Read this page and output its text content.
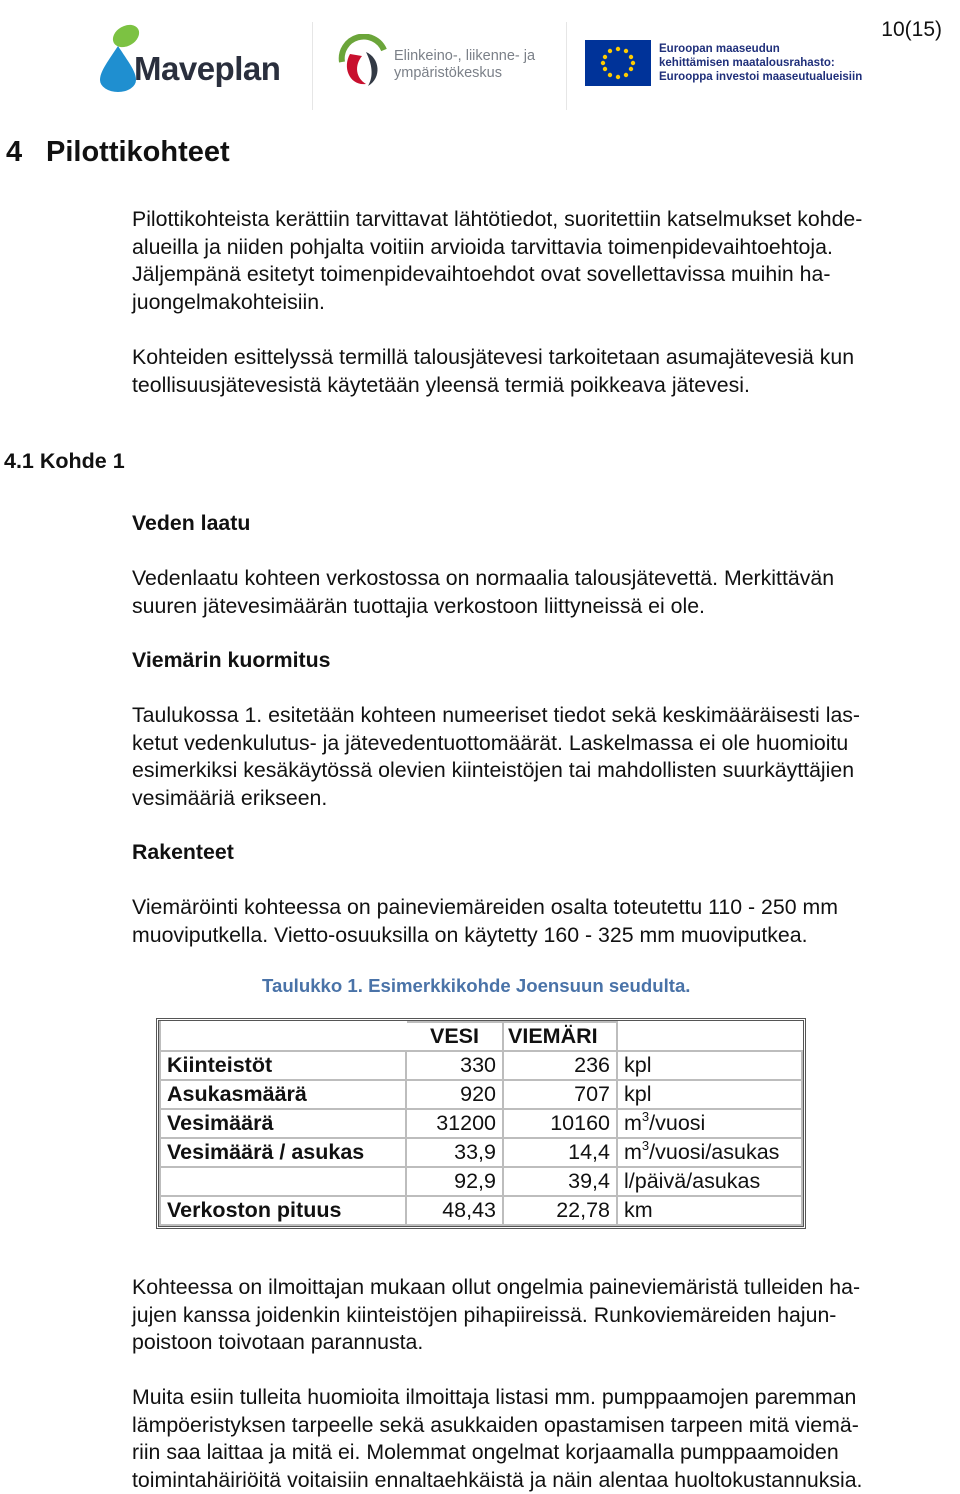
10(15)
Maveplan	Elinkeino-, liikenne- ja
ympäristökeskus
Euroopan maaseudun
kehittämisen maatalousrahasto:
Eurooppa investoi maaseutualueisiin
4 Pilottikohteet
Pilottikohteista kerättiin tarvittavat lähtötiedot, suoritettiin katselmukset kohde-
alueilla ja niiden pohjalta voitiin arvioida tarvittavia toimenpidevaihtoehtoja.
Jäljempänä esitetyt toimenpidevaihtoehdot ovat sovellettavissa muihin ha-
juongelmakohteisiin.
Kohteiden esittelyssä termillä talousjätevesi tarkoitetaan asumajätevesiä kun
teollisuusjätevesistä käytetään yleensä termiä poikkeava jätevesi.
4.1 Kohde 1
Veden laatu
Vedenlaatu kohteen verkostossa on normaalia talousjätevettä. Merkittävän
suuren jätevesimäärän tuottajia verkostoon liittyneissä ei ole.
Viemärin kuormitus
Taulukossa 1. esitetään kohteen numeeriset tiedot sekä keskimääräisesti las-
ketut vedenkulutus- ja jätevedentuottomäärät. Laskelmassa ei ole huomioitu
esimerkiksi kesäkäytössä olevien kiinteistöjen tai mahdollisten suurkäyttäjien
vesimääriä erikseen.
Rakenteet
Viemäröinti kohteessa on paineviemäreiden osalta toteutettu 110 - 250 mm
muoviputkella. Vietto-osuuksilla on käytetty 160 - 325 mm muoviputkea.
Taulukko 1. Esimerkkikohde Joensuun seudulta.
	VESI	VIEMÄRI	
Kiinteistöt	330	236	kpl
Asukasmäärä	920	707	kpl
Vesimäärä	31200	10160	$m^3$/vuosi
Vesimäärä / asukas	33,9	14,4	$m^3/vuosi$/asukas
	92,9	39,4	l/päivä/asukas
Verkoston pituus	48,43	22,78	km
Kohteessa on ilmoittajan mukaan ollut ongelmia paineviemäristä tulleiden ha-
jujen kanssa joidenkin kiinteistöjen pihapiireissä. Runkoviemäreiden hajun-
poistoon toivotaan parannusta.
Muita esiin tulleita huomioita ilmoittaja listasi mm. pumppaamojen paremman
lämpöeristyksen tarpeelle sekä asukkaiden opastamisen tarpeen mitä viemä-
riin saa laittaa ja mitä ei. Molemmat ongelmat korjaamalla pumppaamoiden
toimintahäiriöitä voitaisiin ennaltaehkäistä ja näin alentaa huoltokustannuksia.
